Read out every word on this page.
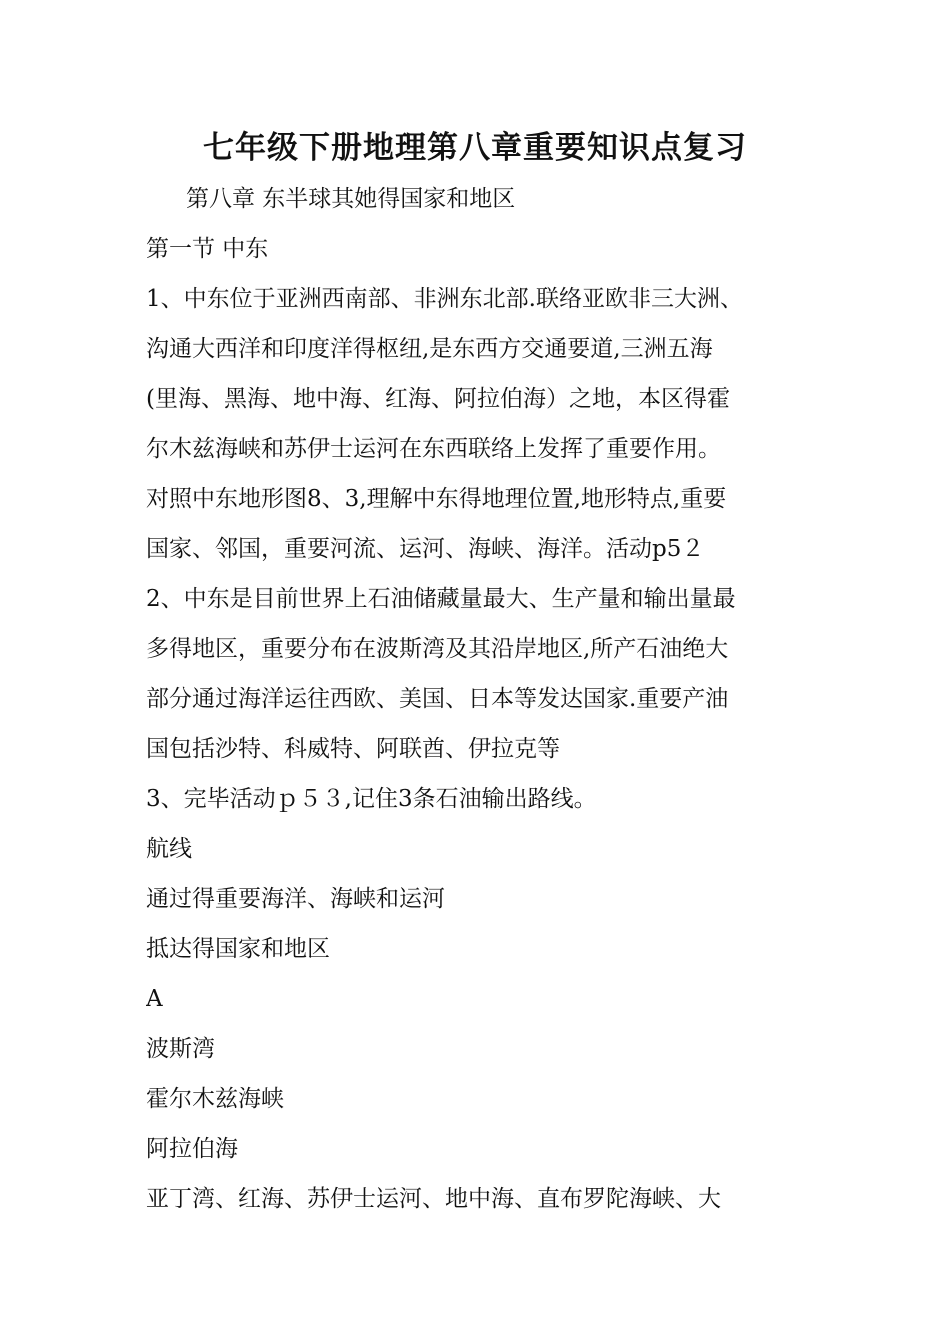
七年级下册地理第八章重要知识点复习
第八章 东半球其她得国家和地区
第一节 中东
1、中东位于亚洲西南部、非洲东北部.联络亚欧非三大洲、
沟通大西洋和印度洋得枢纽,是东西方交通要道,三洲五海
(里海、黑海、地中海、红海、阿拉伯海）之地，本区得霍
尔木兹海峡和苏伊士运河在东西联络上发挥了重要作用。
对照中东地形图8、3,理解中东得地理位置,地形特点,重要
国家、邻国，重要河流、运河、海峡、海洋。活动p5２
2、中东是目前世界上石油储藏量最大、生产量和输出量最
多得地区，重要分布在波斯湾及其沿岸地区,所产石油绝大
部分通过海洋运往西欧、美国、日本等发达国家.重要产油
国包括沙特、科威特、阿联酋、伊拉克等
3、完毕活动ｐ５３,记住3条石油输出路线。
航线
通过得重要海洋、海峡和运河
抵达得国家和地区
A
波斯湾
霍尔木兹海峡
阿拉伯海
亚丁湾、红海、苏伊士运河、地中海、直布罗陀海峡、大
